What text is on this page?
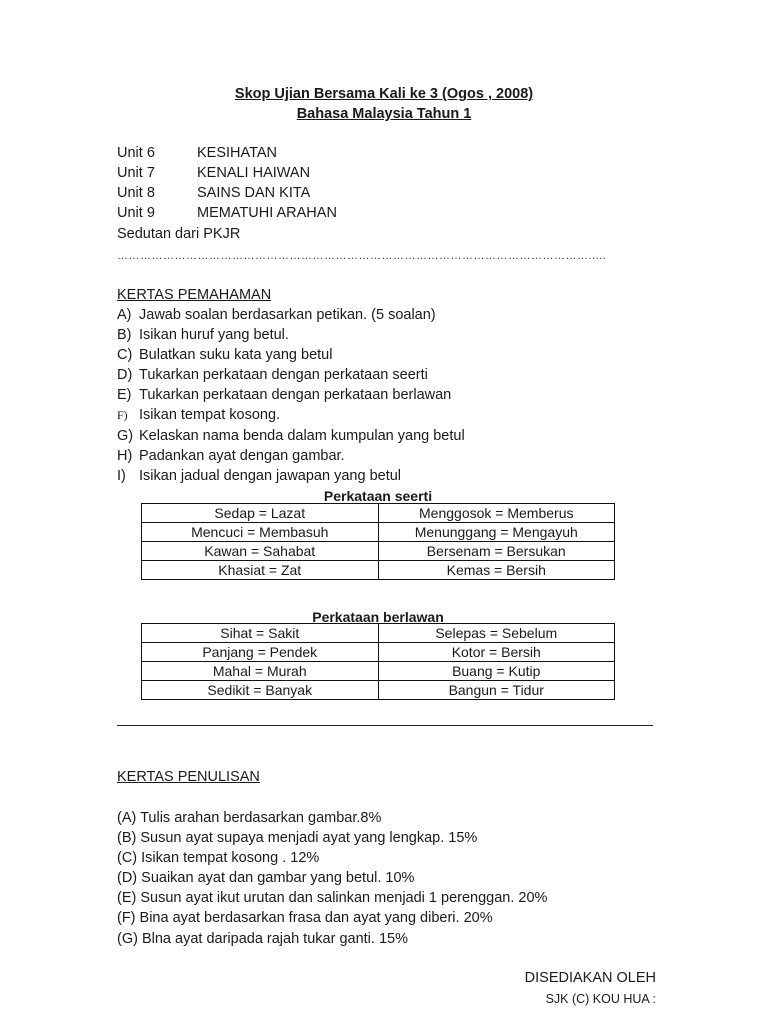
Skop Ujian Bersama Kali ke 3 (Ogos , 2008)
Bahasa Malaysia Tahun 1
Unit 6	KESIHATAN
Unit 7	KENALI HAIWAN
Unit 8	SAINS DAN KITA
Unit 9	MEMATUHI ARAHAN
Sedutan dari PKJR
…………………………………………………………………………………………………………….....
KERTAS PEMAHAMAN
A) Jawab soalan berdasarkan petikan. (5 soalan)
B) Isikan huruf yang betul.
C) Bulatkan suku kata yang betul
D) Tukarkan perkataan dengan perkataan seerti
E) Tukarkan perkataan dengan perkataan berlawan
F) Isikan tempat kosong.
G) Kelaskan nama benda dalam kumpulan yang betul
H) Padankan ayat dengan gambar.
I) Isikan jadual dengan jawapan yang betul
Perkataan seerti
Sedap = Lazat	Menggosok = Memberus
Mencuci = Membasuh	Menunggang = Mengayuh
Kawan = Sahabat	Bersenam = Bersukan
Khasiat = Zat	Kemas = Bersih
Perkataan berlawan
Sihat = Sakit	Selepas = Sebelum
Panjang = Pendek	Kotor = Bersih
Mahal = Murah	Buang = Kutip
Sedikit = Banyak	Bangun = Tidur
KERTAS PENULISAN
(A) Tulis arahan berdasarkan gambar.8%
(B) Susun ayat supaya menjadi ayat yang lengkap. 15%
(C) Isikan tempat kosong . 12%
(D) Suaikan ayat dan gambar yang betul. 10%
(E) Susun ayat ikut urutan dan salinkan menjadi 1 perenggan. 20%
(F) Bina ayat berdasarkan frasa dan ayat yang diberi. 20%
(G) Blna ayat daripada rajah tukar ganti. 15%
DISEDIAKAN OLEH
SJK (C) KOU HUA :
